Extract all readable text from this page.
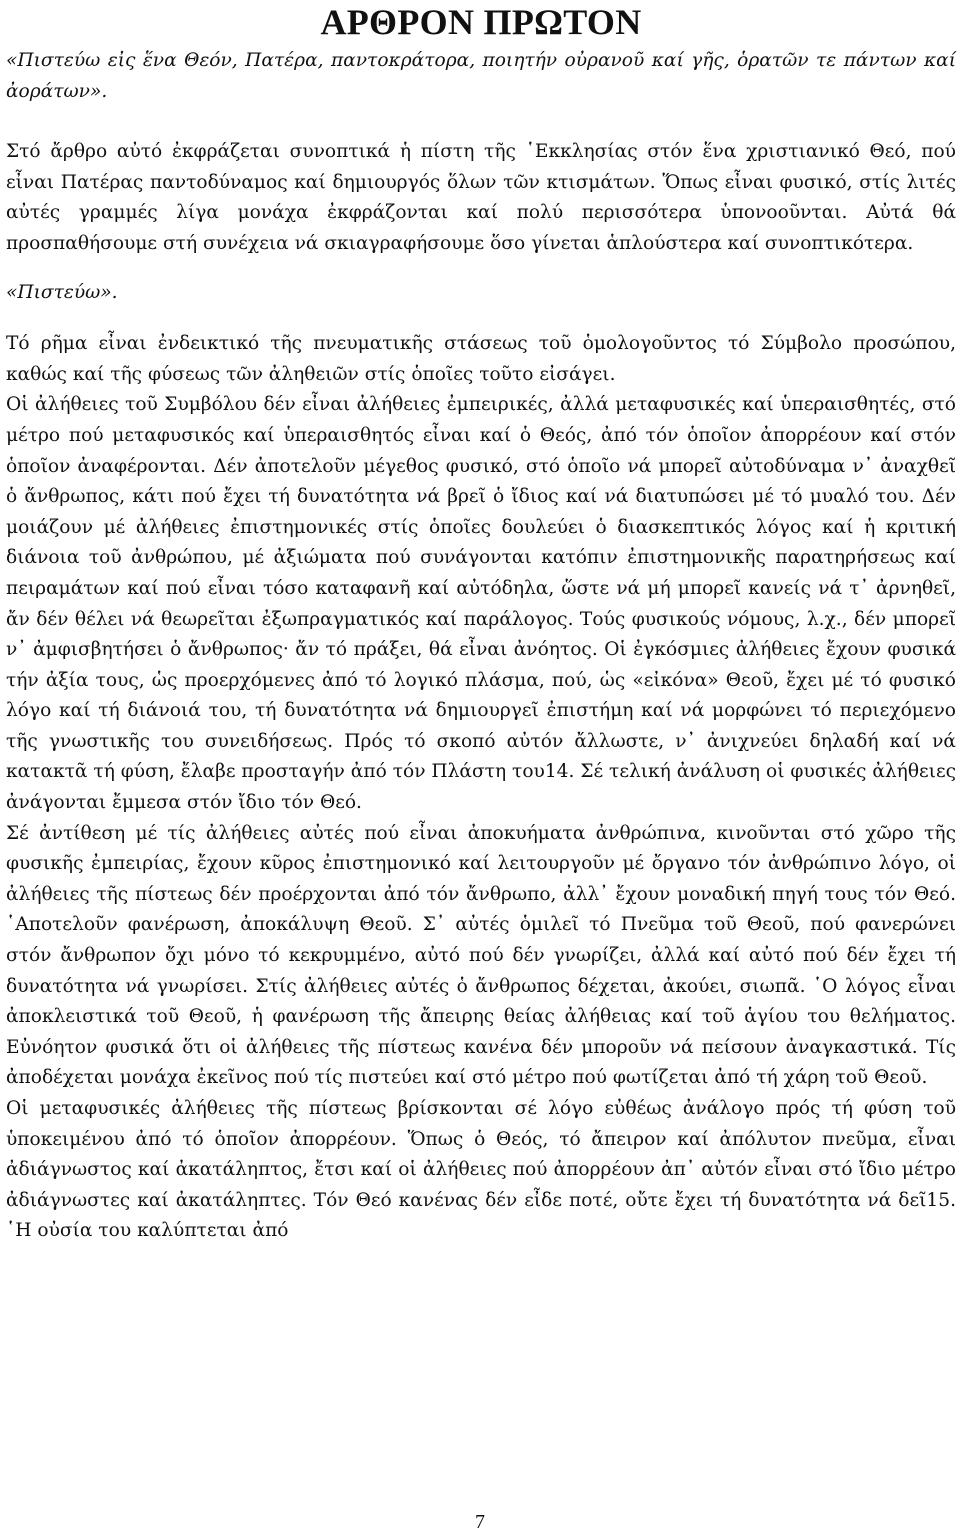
ΑΡΘΡΟΝ ΠΡΩΤΟΝ

«Πιστεύω εἰς ἕνα Θεόν, Πατέρα, παντοκράτορα, ποιητήν οὐρανοῦ καί γῆς, ὁρατῶν τε πάντων καί ἀοράτων».

Στό ἄρθρο αὐτό ἐκφράζεται συνοπτικά ἡ πίστη τῆς ῾Εκκλησίας στόν ἕνα χριστιανικό Θεό, πού εἶναι Πατέρας παντοδύναμος καί δημιουργός ὅλων τῶν κτισμάτων. Ὅπως εἶναι φυσικό, στίς λιτές αὐτές γραμμές λίγα μονάχα ἐκφράζονται καί πολύ περισσότερα ὑπονοοῦνται. Αὐτά θά προσπαθήσουμε στή συνέχεια νά σκιαγραφήσουμε ὅσο γίνεται ἁπλούστερα καί συνοπτικότερα.

«Πιστεύω».

Τό ρῆμα εἶναι ἐνδεικτικό τῆς πνευματικῆς στάσεως τοῦ ὁμολογοῦντος τό Σύμβολο προσώπου, καθώς καί τῆς φύσεως τῶν ἀληθειῶν στίς ὁποῖες τοῦτο εἰσάγει.

Οἱ ἀλήθειες τοῦ Συμβόλου δέν εἶναι ἀλήθειες ἐμπειρικές, ἀλλά μεταφυσικές καί ὑπεραισθητές, στό μέτρο πού μεταφυσικός καί ὑπεραισθητός εἶναι καί ὁ Θεός, ἀπό τόν ὁποῖον ἀπορρέουν καί στόν ὁποῖον ἀναφέρονται. Δέν ἀποτελοῦν μέγεθος φυσικό, στό ὁποῖο νά μπορεῖ αὐτοδύναμα ν᾽ ἀναχθεῖ ὁ ἄνθρωπος, κάτι πού ἔχει τή δυνατότητα νά βρεῖ ὁ ἴδιος καί νά διατυπώσει μέ τό μυαλό του. Δέν μοιάζουν μέ ἀλήθειες ἐπιστημονικές στίς ὁποῖες δουλεύει ὁ διασκεπτικός λόγος καί ἡ κριτική διάνοια τοῦ ἀνθρώπου, μέ ἀξιώματα πού συνάγονται κατόπιν ἐπιστημονικῆς παρατηρήσεως καί πειραμάτων καί πού εἶναι τόσο καταφανῆ καί αὐτόδηλα, ὥστε νά μή μπορεῖ κανείς νά τ᾽ ἀρνηθεῖ, ἄν δέν θέλει νά θεωρεῖται ἐξωπραγματικός καί παράλογος. Τούς φυσικούς νόμους, λ.χ., δέν μπορεῖ ν᾽ ἀμφισβητήσει ὁ ἄνθρωπος· ἄν τό πράξει, θά εἶναι ἀνόητος. Οἱ ἐγκόσμιες ἀλήθειες ἔχουν φυσικά τήν ἀξία τους, ὡς προερχόμενες ἀπό τό λογικό πλάσμα, πού, ὡς «εἰκόνα» Θεοῦ, ἔχει μέ τό φυσικό λόγο καί τή διάνοιά του, τή δυνατότητα νά δημιουργεῖ ἐπιστήμη καί νά μορφώνει τό περιεχόμενο τῆς γνωστικῆς του συνειδήσεως. Πρός τό σκοπό αὐτόν ἄλλωστε, ν᾽ ἀνιχνεύει δηλαδή καί νά κατακτᾶ τή φύση, ἔλαβε προσταγήν ἀπό τόν Πλάστη του14. Σέ τελική ἀνάλυση οἱ φυσικές ἀλήθειες ἀνάγονται ἔμμεσα στόν ἴδιο τόν Θεό.

Σέ ἀντίθεση μέ τίς ἀλήθειες αὐτές πού εἶναι ἀποκυήματα ἀνθρώπινα, κινοῦνται στό χῶρο τῆς φυσικῆς ἐμπειρίας, ἔχουν κῦρος ἐπιστημονικό καί λειτουργοῦν μέ ὄργανο τόν ἀνθρώπινο λόγο, οἱ ἀλήθειες τῆς πίστεως δέν προέρχονται ἀπό τόν ἄνθρωπο, ἀλλ᾽ ἔχουν μοναδική πηγή τους τόν Θεό. ῾Αποτελοῦν φανέρωση, ἀποκάλυψη Θεοῦ. Σ᾽ αὐτές ὁμιλεῖ τό Πνεῦμα τοῦ Θεοῦ, πού φανερώνει στόν ἄνθρωπον ὄχι μόνο τό κεκρυμμένο, αὐτό πού δέν γνωρίζει, ἀλλά καί αὐτό πού δέν ἔχει τή δυνατότητα νά γνωρίσει. Στίς ἀλήθειες αὐτές ὁ ἄνθρωπος δέχεται, ἀκούει, σιωπᾶ. ῾Ο λόγος εἶναι ἀποκλειστικά τοῦ Θεοῦ, ἡ φανέρωση τῆς ἄπειρης θείας ἀλήθειας καί τοῦ ἁγίου του θελήματος. Εὐνόητον φυσικά ὅτι οἱ ἀλήθειες τῆς πίστεως κανένα δέν μποροῦν νά πείσουν ἀναγκαστικά. Τίς ἀποδέχεται μονάχα ἐκεῖνος πού τίς πιστεύει καί στό μέτρο πού φωτίζεται ἀπό τή χάρη τοῦ Θεοῦ.

Οἱ μεταφυσικές ἀλήθειες τῆς πίστεως βρίσκονται σέ λόγο εὐθέως ἀνάλογο πρός τή φύση τοῦ ὑποκειμένου ἀπό τό ὁποῖον ἀπορρέουν. Ὅπως ὁ Θεός, τό ἄπειρον καί ἀπόλυτον πνεῦμα, εἶναι ἀδιάγνωστος καί ἀκατάληπτος, ἔτσι καί οἱ ἀλήθειες πού ἀπορρέουν ἀπ᾽ αὐτόν εἶναι στό ἴδιο μέτρο ἀδιάγνωστες καί ἀκατάληπτες. Τόν Θεό κανένας δέν εἶδε ποτέ, οὔτε ἔχει τή δυνατότητα νά δεῖ15. ῾Η οὐσία του καλύπτεται ἀπό

7
